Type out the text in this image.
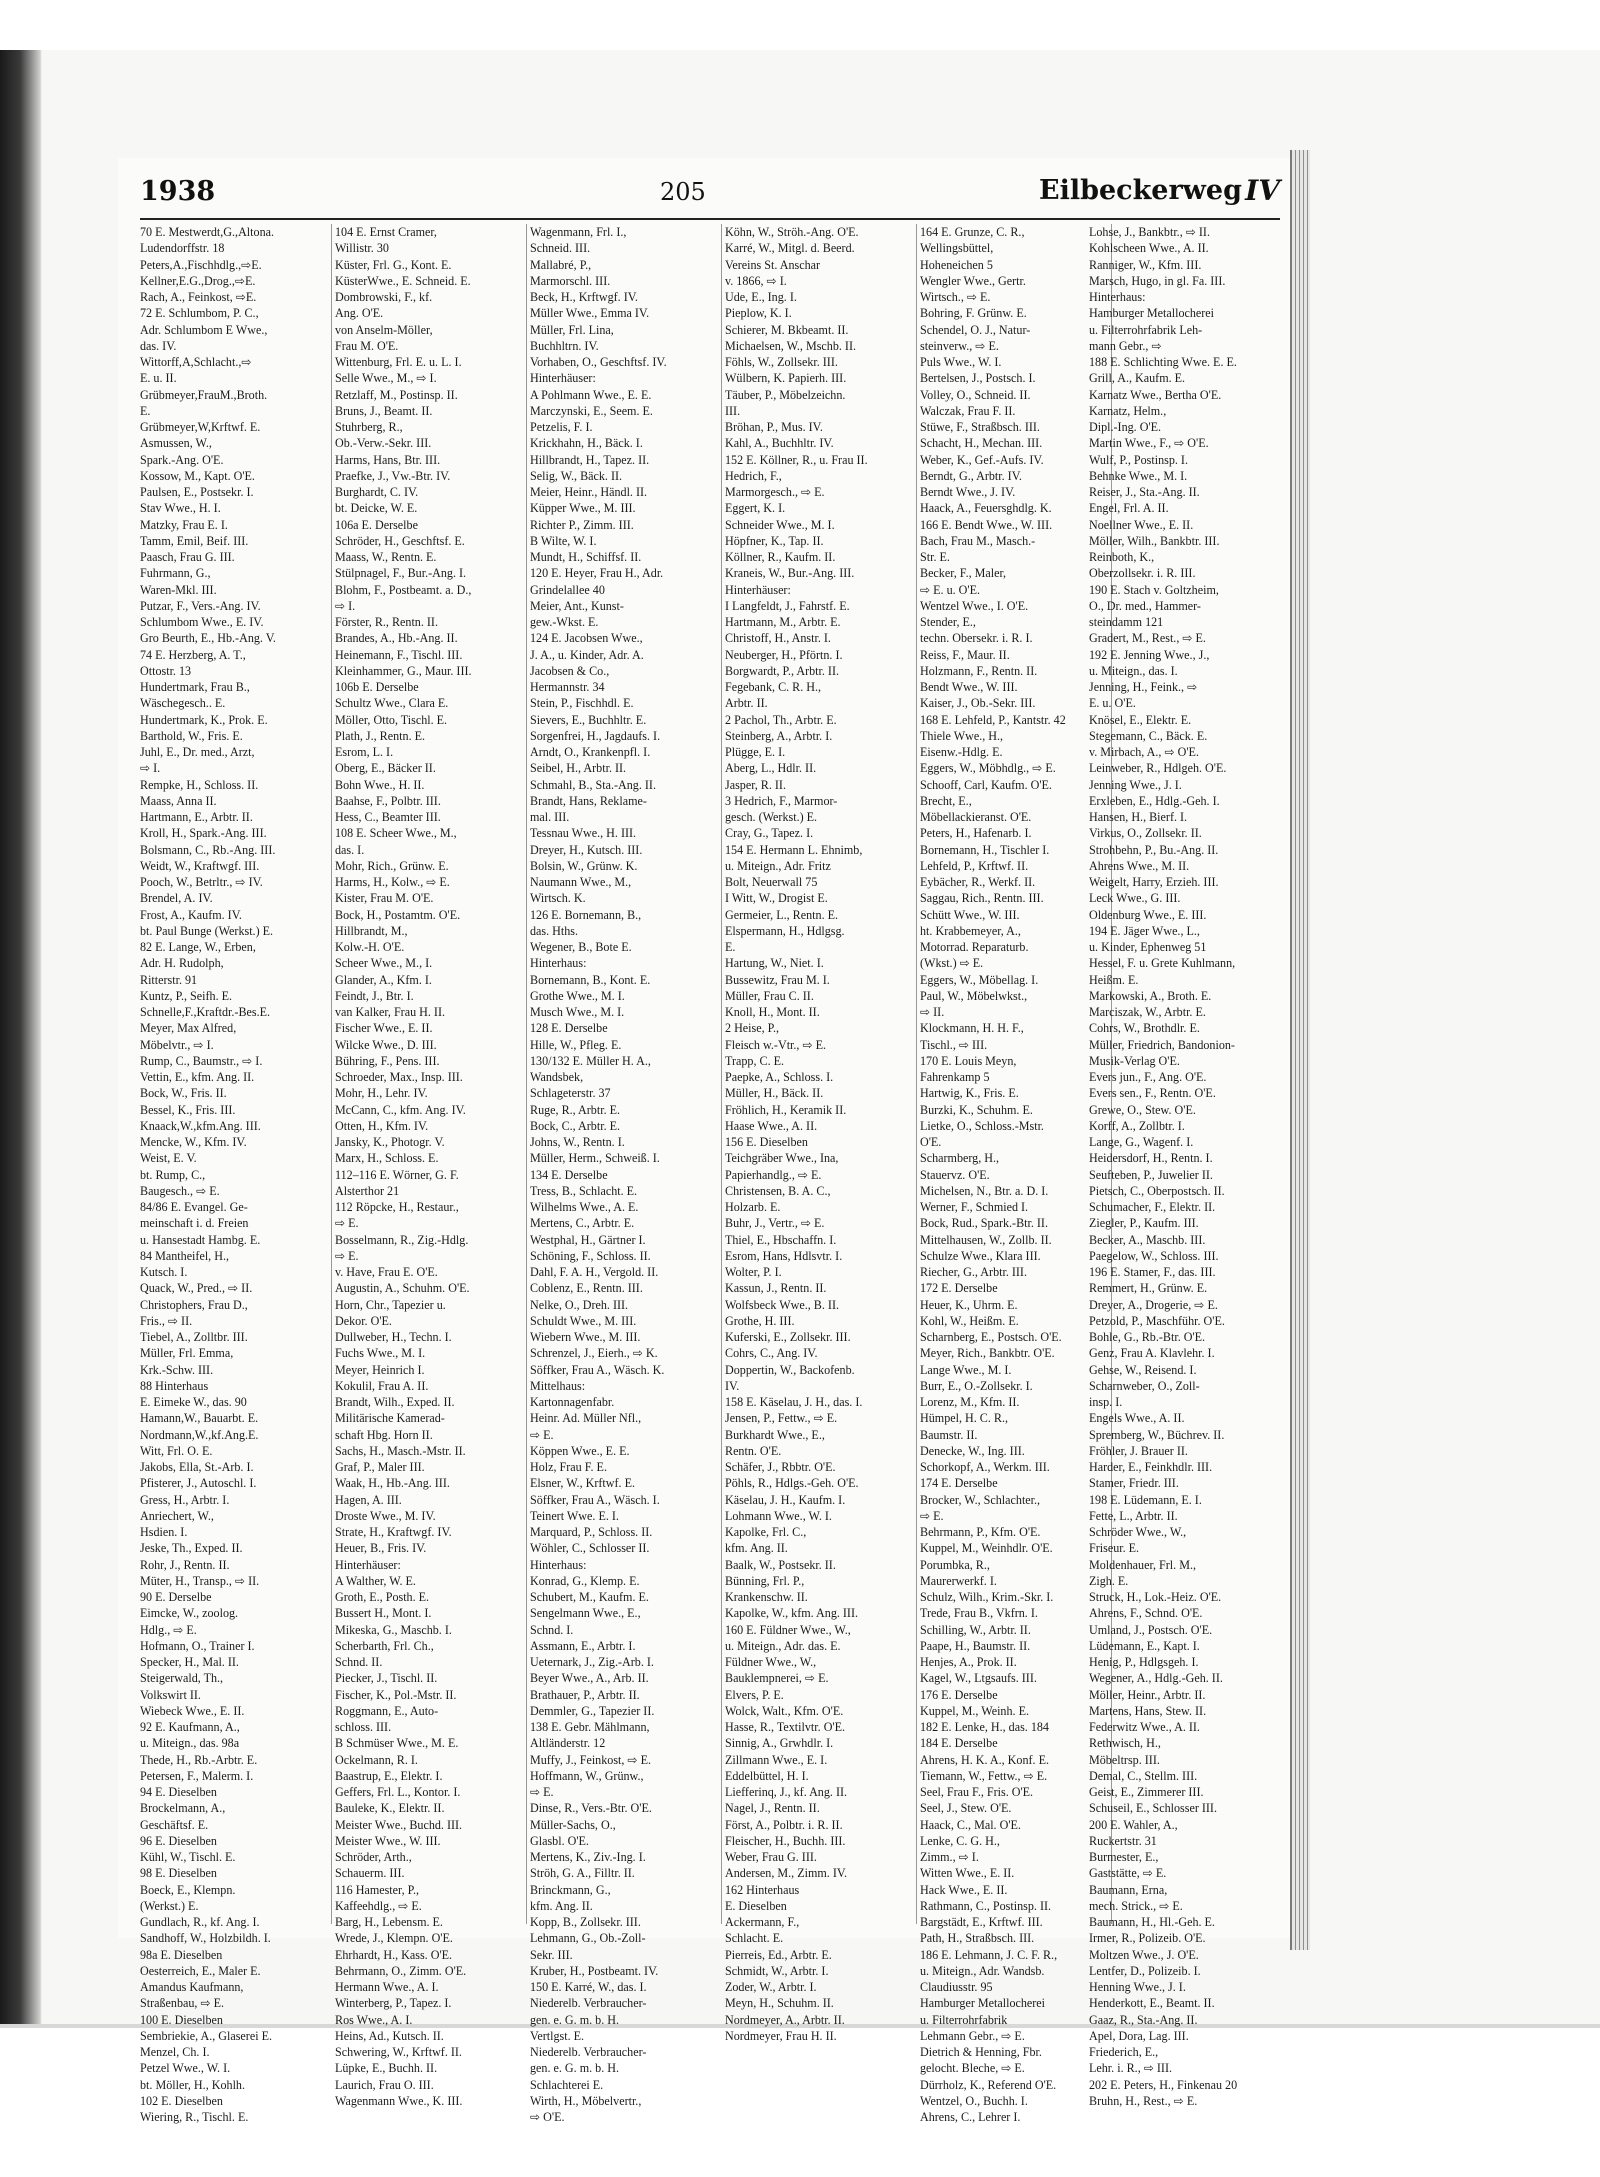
1938	205	Eilbeckerweg IV
70 E. Mestwerdt,G.,Altona.
Ludendorffstr. 18
Peters,A.,Fischhdlg.,⇨E.
Kellner,E.G.,Drog.,⇨E.
Rach, A., Feinkost, ⇨E.
72 E. Schlumbom, P. C.,
Adr. Schlumbom E Wwe.,
das. IV.
Wittorff,A,Schlacht.,⇨
E. u. II.
Grübmeyer,FrauM.,Broth.
E.
Grübmeyer,W,Krftwf. E.
Asmussen, W.,
Spark.-Ang. O'E.
Kossow, M., Kapt. O'E.
Paulsen, E., Postsekr. I.
Stav Wwe., H. I.
Matzky, Frau E. I.
Tamm, Emil, Beif. III.
Paasch, Frau G. III.
Fuhrmann, G.,
Waren-Mkl. III.
Putzar, F., Vers.-Ang. IV.
Schlumbom Wwe., E. IV.
Gro Beurth, E., Hb.-Ang. V.
74 E. Herzberg, A. T.,
Ottostr. 13
Hundertmark, Frau B.,
Wäschegesch.. E.
Hundertmark, K., Prok. E.
Barthold, W., Fris. E.
Juhl, E., Dr. med., Arzt,
⇨ I.
Rempke, H., Schloss. II.
Maass, Anna II.
Hartmann, E., Arbtr. II.
Kroll, H., Spark.-Ang. III.
Bolsmann, C., Rb.-Ang. III.
Weidt, W., Kraftwgf. III.
Pooch, W., Betrltr., ⇨ IV.
Brendel, A. IV.
Frost, A., Kaufm. IV.
bt. Paul Bunge (Werkst.) E.
82 E. Lange, W., Erben,
Adr. H. Rudolph,
Ritterstr. 91
Kuntz, P., Seifh. E.
Schnelle,F.,Kraftdr.-Bes.E.
Meyer, Max Alfred,
Möbelvtr., ⇨ I.
Rump, C., Baumstr., ⇨ I.
Vettin, E., kfm. Ang. II.
Bock, W., Fris. II.
Bessel, K., Fris. III.
Knaack,W.,kfm.Ang. III.
Mencke, W., Kfm. IV.
Weist, E. V.
bt. Rump, C.,
Baugesch., ⇨ E.
84/86 E. Evangel. Ge-
meinschaft i. d. Freien
u. Hansestadt Hambg. E.
84 Mantheifel, H.,
Kutsch. I.
Quack, W., Pred., ⇨ II.
Christophers, Frau D.,
Fris., ⇨ II.
Tiebel, A., Zolltbr. III.
Müller, Frl. Emma,
Krk.-Schw. III.
88 Hinterhaus
E. Eimeke W., das. 90
Hamann,W., Bauarbt. E.
Nordmann,W.,kf.Ang.E.
Witt, Frl. O. E.
Jakobs, Ella, St.-Arb. I.
Pfisterer, J., Autoschl. I.
Gress, H., Arbtr. I.
Anriechert, W.,
Hsdien. I.
Jeske, Th., Exped. II.
Rohr, J., Rentn. II.
Müter, H., Transp., ⇨ II.
90 E. Derselbe
Eimcke, W., zoolog.
Hdlg., ⇨ E.
Hofmann, O., Trainer I.
Specker, H., Mal. II.
Steigerwald, Th.,
Volkswirt II.
Wiebeck Wwe., E. II.
92 E. Kaufmann, A.,
u. Miteign., das. 98a
Thede, H., Rb.-Arbtr. E.
Petersen, F., Malerm. I.
94 E. Dieselben
Brockelmann, A.,
Geschäftsf. E.
96 E. Dieselben
Kühl, W., Tischl. E.
98 E. Dieselben
Boeck, E., Klempn.
(Werkst.) E.
Gundlach, R., kf. Ang. I.
Sandhoff, W., Holzbildh. I.
98a E. Dieselben
Oesterreich, E., Maler E.
Amandus Kaufmann,
Straßenbau, ⇨ E.
100 E. Dieselben
Sembriekie, A., Glaserei E.
Menzel, Ch. I.
Petzel Wwe., W. I.
bt. Möller, H., Kohlh.
102 E. Dieselben
Wiering, R., Tischl. E.
104 E. Ernst Cramer,
Willistr. 30
Küster, Frl. G., Kont. E.
KüsterWwe., E. Schneid. E.
Dombrowski, F., kf.
Ang. O'E.
von Anselm-Möller,
Frau M. O'E.
Wittenburg, Frl. E. u. L. I.
Selle Wwe., M., ⇨ I.
Retzlaff, M., Postinsp. II.
Bruns, J., Beamt. II.
Stuhrberg, R.,
Ob.-Verw.-Sekr. III.
Harms, Hans, Btr. III.
Praefke, J., Vw.-Btr. IV.
Burghardt, C. IV.
bt. Deicke, W. E.
106a E. Derselbe
Schröder, H., Geschftsf. E.
Maass, W., Rentn. E.
Stülpnagel, F., Bur.-Ang. I.
Blohm, F., Postbeamt. a. D.,
⇨ I.
Förster, R., Rentn. II.
Brandes, A., Hb.-Ang. II.
Heinemann, F., Tischl. III.
Kleinhammer, G., Maur. III.
106b E. Derselbe
Schultz Wwe., Clara E.
Möller, Otto, Tischl. E.
Plath, J., Rentn. E.
Esrom, L. I.
Oberg, E., Bäcker II.
Bohn Wwe., H. II.
Baahse, F., Polbtr. III.
Hess, C., Beamter III.
108 E. Scheer Wwe., M.,
das. I.
Mohr, Rich., Grünw. E.
Harms, H., Kolw., ⇨ E.
Kister, Frau M. O'E.
Bock, H., Postamtm. O'E.
Hillbrandt, M.,
Kolw.-H. O'E.
Scheer Wwe., M., I.
Glander, A., Kfm. I.
Feindt, J., Btr. I.
van Kalker, Frau H. II.
Fischer Wwe., E. II.
Wilcke Wwe., D. III.
Bühring, F., Pens. III.
Schroeder, Max., Insp. III.
Mohr, H., Lehr. IV.
McCann, C., kfm. Ang. IV.
Otten, H., Kfm. IV.
Jansky, K., Photogr. V.
Marx, H., Schloss. E.
112–116 E. Wörner, G. F.
Alsterthor 21
112 Röpcke, H., Restaur.,
⇨ E.
Bosselmann, R., Zig.-Hdlg.
⇨ E.
v. Have, Frau E. O'E.
Augustin, A., Schuhm. O'E.
Horn, Chr., Tapezier u.
Dekor. O'E.
Dullweber, H., Techn. I.
Fuchs Wwe., M. I.
Meyer, Heinrich I.
Kokulil, Frau A. II.
Brandt, Wilh., Exped. II.
Militärische Kamerad-
schaft Hbg. Horn II.
Sachs, H., Masch.-Mstr. II.
Graf, P., Maler III.
Waak, H., Hb.-Ang. III.
Hagen, A. III.
Droste Wwe., M. IV.
Strate, H., Kraftwgf. IV.
Heuer, B., Fris. IV.
Hinterhäuser:
A Walther, W. E.
Groth, E., Posth. E.
Bussert H., Mont. I.
Mikeska, G., Maschb. I.
Scherbarth, Frl. Ch.,
Schnd. II.
Piecker, J., Tischl. II.
Fischer, K., Pol.-Mstr. II.
Roggmann, E., Auto-
schloss. III.
B Schmüser Wwe., M. E.
Ockelmann, R. I.
Baastrup, E., Elektr. I.
Geffers, Frl. L., Kontor. I.
Bauleke, K., Elektr. II.
Meister Wwe., Buchd. III.
Meister Wwe., W. III.
Schröder, Arth.,
Schauerm. III.
116 Hamester, P.,
Kaffeehdlg., ⇨ E.
Barg, H., Lebensm. E.
Wrede, J., Klempn. O'E.
Ehrhardt, H., Kass. O'E.
Behrmann, O., Zimm. O'E.
Hermann Wwe., A. I.
Winterberg, P., Tapez. I.
Ros Wwe., A. I.
Heins, Ad., Kutsch. II.
Schwering, W., Krftwf. II.
Lüpke, E., Buchh. II.
Laurich, Frau O. III.
Wagenmann Wwe., K. III.
Wagenmann, Frl. I.,
Schneid. III.
Mallabré, P.,
Marmorschl. III.
Beck, H., Krftwgf. IV.
Müller Wwe., Emma IV.
Müller, Frl. Lina,
Buchhltrn. IV.
Vorhaben, O., Geschftsf. IV.
Hinterhäuser:
A Pohlmann Wwe., E. E.
Marczynski, E., Seem. E.
Petzelis, F. I.
Krickhahn, H., Bäck. I.
Hillbrandt, H., Tapez. II.
Selig, W., Bäck. II.
Meier, Heinr., Händl. II.
Küpper Wwe., M. III.
Richter P., Zimm. III.
B Wilte, W. I.
Mundt, H., Schiffsf. II.
120 E. Heyer, Frau H., Adr.
Grindelallee 40
Meier, Ant., Kunst-
gew.-Wkst. E.
124 E. Jacobsen Wwe.,
J. A., u. Kinder, Adr. A.
Jacobsen & Co.,
Hermannstr. 34
Stein, P., Fischhdl. E.
Sievers, E., Buchhltr. E.
Sorgenfrei, H., Jagdaufs. I.
Arndt, O., Krankenpfl. I.
Seibel, H., Arbtr. II.
Schmahl, B., Sta.-Ang. II.
Brandt, Hans, Reklame-
mal. III.
Tessnau Wwe., H. III.
Dreyer, H., Kutsch. III.
Bolsin, W., Grünw. K.
Naumann Wwe., M.,
Wirtsch. K.
126 E. Bornemann, B.,
das. Hths.
Wegener, B., Bote E.
Hinterhaus:
Bornemann, B., Kont. E.
Grothe Wwe., M. I.
Musch Wwe., M. I.
128 E. Derselbe
Hille, W., Pfleg. E.
130/132 E. Müller H. A.,
Wandsbek,
Schlageterstr. 37
Ruge, R., Arbtr. E.
Bock, C., Arbtr. E.
Johns, W., Rentn. I.
Müller, Herm., Schweiß. I.
134 E. Derselbe
Tress, B., Schlacht. E.
Wilhelms Wwe., A. E.
Mertens, C., Arbtr. E.
Westphal, H., Gärtner I.
Schöning, F., Schloss. II.
Dahl, F. A. H., Vergold. II.
Coblenz, E., Rentn. III.
Nelke, O., Dreh. III.
Schuldt Wwe., M. III.
Wiebern Wwe., M. III.
Schrenzel, J., Eierh., ⇨ K.
Söffker, Frau A., Wäsch. K.
Mittelhaus:
Kartonnagenfabr.
Heinr. Ad. Müller Nfl.,
⇨ E.
Köppen Wwe., E. E.
Holz, Frau F. E.
Elsner, W., Krftwf. E.
Söffker, Frau A., Wäsch. I.
Teinert Wwe. E. I.
Marquard, P., Schloss. II.
Wöhler, C., Schlosser II.
Hinterhaus:
Konrad, G., Klemp. E.
Schubert, M., Kaufm. E.
Sengelmann Wwe., E.,
Schnd. I.
Assmann, E., Arbtr. I.
Ueternark, J., Zig.-Arb. I.
Beyer Wwe., A., Arb. II.
Brathauer, P., Arbtr. II.
Demmler, G., Tapezier II.
138 E. Gebr. Mählmann,
Altländerstr. 12
Muffy, J., Feinkost, ⇨ E.
Hoffmann, W., Grünw.,
⇨ E.
Dinse, R., Vers.-Btr. O'E.
Müller-Sachs, O.,
Glasbl. O'E.
Mertens, K., Ziv.-Ing. I.
Ströh, G. A., Filltr. II.
Brinckmann, G.,
kfm. Ang. II.
Kopp, B., Zollsekr. III.
Lehmann, G., Ob.-Zoll-
Sekr. III.
Kruber, H., Postbeamt. IV.
150 E. Karré, W., das. I.
Niederelb. Verbraucher-
gen. e. G. m. b. H.
Vertlgst. E.
Niederelb. Verbraucher-
gen. e. G. m. b. H.
Schlachterei E.
Wirth, H., Möbelvertr.,
⇨ O'E.
Köhn, W., Ströh.-Ang. O'E.
Karré, W., Mitgl. d. Beerd.
Vereins St. Anschar
v. 1866, ⇨ I.
Ude, E., Ing. I.
Pieplow, K. I.
Schierer, M. Bkbeamt. II.
Michaelsen, W., Mschb. II.
Föhls, W., Zollsekr. III.
Wülbern, K. Papierh. III.
Täuber, P., Möbelzeichn.
III.
Bröhan, P., Mus. IV.
Kahl, A., Buchhltr. IV.
152 E. Köllner, R., u. Frau II.
Hedrich, F.,
Marmorgesch., ⇨ E.
Eggert, K. I.
Schneider Wwe., M. I.
Höpfner, K., Tap. II.
Köllner, R., Kaufm. II.
Kraneis, W., Bur.-Ang. III.
Hinterhäuser:
I Langfeldt, J., Fahrstf. E.
Hartmann, M., Arbtr. E.
Christoff, H., Anstr. I.
Neuberger, H., Pförtn. I.
Borgwardt, P., Arbtr. II.
Fegebank, C. R. H.,
Arbtr. II.
2 Pachol, Th., Arbtr. E.
Steinberg, A., Arbtr. I.
Plügge, E. I.
Aberg, L., Hdlr. II.
Jasper, R. II.
3 Hedrich, F., Marmor-
gesch. (Werkst.) E.
Cray, G., Tapez. I.
154 E. Hermann L. Ehnimb,
u. Miteign., Adr. Fritz
Bolt, Neuerwall 75
I Witt, W., Drogist E.
Germeier, L., Rentn. E.
Elspermann, H., Hdlgsg.
E.
Hartung, W., Niet. I.
Bussewitz, Frau M. I.
Müller, Frau C. II.
Knoll, H., Mont. II.
2 Heise, P.,
Fleisch w.-Vtr., ⇨ E.
Trapp, C. E.
Paepke, A., Schloss. I.
Müller, H., Bäck. II.
Fröhlich, H., Keramik II.
Haase Wwe., A. II.
156 E. Dieselben
Teichgräber Wwe., Ina,
Papierhandlg., ⇨ E.
Christensen, B. A. C.,
Holzarb. E.
Buhr, J., Vertr., ⇨ E.
Thiel, E., Hbschaffn. I.
Esrom, Hans, Hdlsvtr. I.
Wolter, P. I.
Kassun, J., Rentn. II.
Wolfsbeck Wwe., B. II.
Grothe, H. III.
Kuferski, E., Zollsekr. III.
Cohrs, C., Ang. IV.
Doppertin, W., Backofenb.
IV.
158 E. Käselau, J. H., das. I.
Jensen, P., Fettw., ⇨ E.
Burkhardt Wwe., E.,
Rentn. O'E.
Schäfer, J., Rbbtr. O'E.
Pöhls, R., Hdlgs.-Geh. O'E.
Käselau, J. H., Kaufm. I.
Lohmann Wwe., W. I.
Kapolke, Frl. C.,
kfm. Ang. II.
Baalk, W., Postsekr. II.
Bünning, Frl. P.,
Krankenschw. II.
Kapolke, W., kfm. Ang. III.
160 E. Füldner Wwe., W.,
u. Miteign., Adr. das. E.
Füldner Wwe., W.,
Bauklempnerei, ⇨ E.
Elvers, P. E.
Wolck, Walt., Kfm. O'E.
Hasse, R., Textilvtr. O'E.
Sinnig, A., Grwhdlr. I.
Zillmann Wwe., E. I.
Eddelbüttel, H. I.
Liefferinq, J., kf. Ang. II.
Nagel, J., Rentn. II.
Först, A., Polbtr. i. R. II.
Fleischer, H., Buchh. III.
Weber, Frau G. III.
Andersen, M., Zimm. IV.
162 Hinterhaus
E. Dieselben
Ackermann, F.,
Schlacht. E.
Pierreis, Ed., Arbtr. E.
Schmidt, W., Arbtr. I.
Zoder, W., Arbtr. I.
Meyn, H., Schuhm. II.
Nordmeyer, A., Arbtr. II.
Nordmeyer, Frau H. II.
164 E. Grunze, C. R.,
Wellingsbüttel,
Hoheneichen 5
Wengler Wwe., Gertr.
Wirtsch., ⇨ E.
Bohring, F. Grünw. E.
Schendel, O. J., Natur-
steinverw., ⇨ E.
Puls Wwe., W. I.
Bertelsen, J., Postsch. I.
Volley, O., Schneid. II.
Walczak, Frau F. II.
Stüwe, F., Straßbsch. III.
Schacht, H., Mechan. III.
Weber, K., Gef.-Aufs. IV.
Berndt, G., Arbtr. IV.
Berndt Wwe., J. IV.
Haack, A., Feuersghdlg. K.
166 E. Bendt Wwe., W. III.
Bach, Frau M., Masch.-
Str. E.
Becker, F., Maler,
⇨ E. u. O'E.
Wentzel Wwe., I. O'E.
Stender, E.,
techn. Obersekr. i. R. I.
Reiss, F., Maur. II.
Holzmann, F., Rentn. II.
Bendt Wwe., W. III.
Kaiser, J., Ob.-Sekr. III.
168 E. Lehfeld, P., Kantstr. 42
Thiele Wwe., H.,
Eisenw.-Hdlg. E.
Eggers, W., Möbhdlg., ⇨ E.
Schooff, Carl, Kaufm. O'E.
Brecht, E.,
Möbellackieranst. O'E.
Peters, H., Hafenarb. I.
Bornemann, H., Tischler I.
Lehfeld, P., Krftwf. II.
Eybächer, R., Werkf. II.
Saggau, Rich., Rentn. III.
Schütt Wwe., W. III.
ht. Krabbemeyer, A.,
Motorrad. Reparaturb.
(Wkst.) ⇨ E.
Eggers, W., Möbellag. I.
Paul, W., Möbelwkst.,
⇨ II.
Klockmann, H. H. F.,
Tischl., ⇨ III.
170 E. Louis Meyn,
Fahrenkamp 5
Hartwig, K., Fris. E.
Burzki, K., Schuhm. E.
Lietke, O., Schloss.-Mstr.
O'E.
Scharmberg, H.,
Stauervz. O'E.
Michelsen, N., Btr. a. D. I.
Werner, F., Schmied I.
Bock, Rud., Spark.-Btr. II.
Mittelhausen, W., Zollb. II.
Schulze Wwe., Klara III.
Riecher, G., Arbtr. III.
172 E. Derselbe
Heuer, K., Uhrm. E.
Kohl, W., Heißm. E.
Scharnberg, E., Postsch. O'E.
Meyer, Rich., Bankbtr. O'E.
Lange Wwe., M. I.
Burr, E., O.-Zollsekr. I.
Lorenz, M., Kfm. II.
Hümpel, H. C. R.,
Baumstr. II.
Denecke, W., Ing. III.
Schorkopf, A., Werkm. III.
174 E. Derselbe
Brocker, W., Schlachter.,
⇨ E.
Behrmann, P., Kfm. O'E.
Kuppel, M., Weinhdlr. O'E.
Porumbka, R.,
Maurerwerkf. I.
Schulz, Wilh., Krim.-Skr. I.
Trede, Frau B., Vkfrn. I.
Schilling, W., Arbtr. II.
Paape, H., Baumstr. II.
Henjes, A., Prok. II.
Kagel, W., Ltgsaufs. III.
176 E. Derselbe
Kuppel, M., Weinh. E.
182 E. Lenke, H., das. 184
184 E. Derselbe
Ahrens, H. K. A., Konf. E.
Tiemann, W., Fettw., ⇨ E.
Seel, Frau F., Fris. O'E.
Seel, J., Stew. O'E.
Haack, C., Mal. O'E.
Lenke, C. G. H.,
Zimm., ⇨ I.
Witten Wwe., E. II.
Hack Wwe., E. II.
Rathmann, C., Postinsp. II.
Bargstädt, E., Krftwf. III.
Path, H., Straßbsch. III.
186 E. Lehmann, J. C. F. R.,
u. Miteign., Adr. Wandsb.
Claudiusstr. 95
Hamburger Metallocherei
u. Filterrohrfabrik
Lehmann Gebr., ⇨ E.
Dietrich & Henning, Fbr.
gelocht. Bleche, ⇨ E.
Dürrholz, K., Referend O'E.
Wentzel, O., Buchh. I.
Ahrens, C., Lehrer I.
Lohse, J., Bankbtr., ⇨ II.
Kohlscheen Wwe., A. II.
Ranniger, W., Kfm. III.
Marsch, Hugo, in gl. Fa. III.
Hinterhaus:
Hamburger Metallocherei
u. Filterrohrfabrik Leh-
mann Gebr., ⇨
188 E. Schlichting Wwe. E. E.
Grill, A., Kaufm. E.
Karnatz Wwe., Bertha O'E.
Karnatz, Helm.,
Dipl.-Ing. O'E.
Martin Wwe., F., ⇨ O'E.
Wulf, P., Postinsp. I.
Behnke Wwe., M. I.
Reiser, J., Sta.-Ang. II.
Engel, Frl. A. II.
Noellner Wwe., E. II.
Möller, Wilh., Bankbtr. III.
Reinboth, K.,
Oberzollsekr. i. R. III.
190 E. Stach v. Goltzheim,
O., Dr. med., Hammer-
steindamm 121
Gradert, M., Rest., ⇨ E.
192 E. Jenning Wwe., J.,
u. Miteign., das. I.
Jenning, H., Feink., ⇨
E. u. O'E.
Knösel, E., Elektr. E.
Stegemann, C., Bäck. E.
v. Mirbach, A., ⇨ O'E.
Leinweber, R., Hdlgeh. O'E.
Jenning Wwe., J. I.
Erxleben, E., Hdlg.-Geh. I.
Hansen, H., Bierf. I.
Virkus, O., Zollsekr. II.
Strohbehn, P., Bu.-Ang. II.
Ahrens Wwe., M. II.
Weigelt, Harry, Erzieh. III.
Leck Wwe., G. III.
Oldenburg Wwe., E. III.
194 E. Jäger Wwe., L.,
u. Kinder, Ephenweg 51
Hessel, F. u. Grete Kuhlmann,
Heißm. E.
Markowski, A., Broth. E.
Marciszak, W., Arbtr. E.
Cohrs, W., Brothdlr. E.
Müller, Friedrich, Bandonion-
Musik-Verlag O'E.
Evers jun., F., Ang. O'E.
Evers sen., F., Rentn. O'E.
Grewe, O., Stew. O'E.
Korff, A., Zollbtr. I.
Lange, G., Wagenf. I.
Heidersdorf, H., Rentn. I.
Seufteben, P., Juwelier II.
Pietsch, C., Oberpostsch. II.
Schumacher, F., Elektr. II.
Ziegler, P., Kaufm. III.
Becker, A., Maschb. III.
Paegelow, W., Schloss. III.
196 E. Stamer, F., das. III.
Remmert, H., Grünw. E.
Dreyer, A., Drogerie, ⇨ E.
Petzold, P., Maschführ. O'E.
Bohle, G., Rb.-Btr. O'E.
Genz, Frau A. Klavlehr. I.
Gehse, W., Reisend. I.
Scharnweber, O., Zoll-
insp. I.
Engels Wwe., A. II.
Spremberg, W., Büchrev. II.
Fröhler, J. Brauer II.
Harder, E., Feinkhdlr. III.
Stamer, Friedr. III.
198 E. Lüdemann, E. I.
Fette, L., Arbtr. II.
Schröder Wwe., W.,
Friseur. E.
Moldenhauer, Frl. M.,
Zigh. E.
Struck, H., Lok.-Heiz. O'E.
Ahrens, F., Schnd. O'E.
Umland, J., Postsch. O'E.
Lüdemann, E., Kapt. I.
Henig, P., Hdlgsgeh. I.
Wegener, A., Hdlg.-Geh. II.
Möller, Heinr., Arbtr. II.
Martens, Hans, Stew. II.
Federwitz Wwe., A. II.
Rethwisch, H.,
Möbeltrsp. III.
Demal, C., Stellm. III.
Geist, E., Zimmerer III.
Schuseil, E., Schlosser III.
200 E. Wahler, A.,
Ruckertstr. 31
Burmester, E.,
Gaststätte, ⇨ E.
Baumann, Erna,
mech. Strick., ⇨ E.
Baumann, H., Hl.-Geh. E.
Irmer, R., Polizeib. O'E.
Moltzen Wwe., J. O'E.
Lentfer, D., Polizeib. I.
Henning Wwe., J. I.
Henderkott, E., Beamt. II.
Gaaz, R., Sta.-Ang. II.
Apel, Dora, Lag. III.
Friederich, E.,
Lehr. i. R., ⇨ III.
202 E. Peters, H., Finkenau 20
Bruhn, H., Rest., ⇨ E.
